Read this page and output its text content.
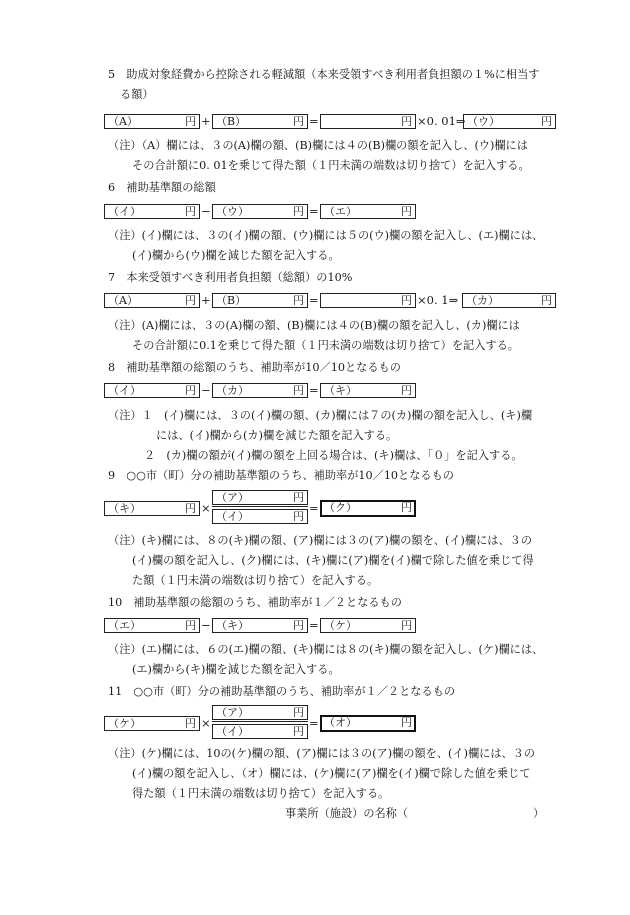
5　助成対象経費から控除される軽減額（本来受領すべき利用者負担額の１%に相当す
る額）
（A）	円 + （B）	円 =	円 ×0. 01⇒ （ウ）	円
（注）（A）欄には、３の(A)欄の額、(B)欄には４の(B)欄の額を記入し、(ウ)欄には
その合計額に0. 01を乗じて得た額（１円未満の端数は切り捨て）を記入する。
6　補助基準額の総額
（イ）	円 − （ウ）	円 = （エ）	円
（注）(イ)欄には、３の(イ)欄の額、(ウ)欄には５の(ウ)欄の額を記入し、(エ)欄には、
(イ)欄から(ウ)欄を減じた額を記入する。
7　本来受領すべき利用者負担額（総額）の10%
（A）	円 + （B）	円 =	円 ×0. 1⇒ （カ）	円
（注）(A)欄には、３の(A)欄の額、(B)欄には４の(B)欄の額を記入し、(カ)欄には
その合計額に0.1を乗じて得た額（１円未満の端数は切り捨て）を記入する。
8　補助基準額の総額のうち、補助率が10／10となるもの
（イ）	円 − （カ）	円 = （キ）	円
（注）１　(イ)欄には、３の(イ)欄の額、(カ)欄には７の(カ)欄の額を記入し、(キ)欄
には、(イ)欄から(カ)欄を減じた額を記入する。
２　(カ)欄の額が(イ)欄の額を上回る場合は、(キ)欄は、「０」を記入する。
9　○○市（町）分の補助基準額のうち、補助率が10／10となるもの
（キ）	円 ×
（ア）	円
（イ）	円
= （ク）	円
（注）(キ)欄には、８の(キ)欄の額、(ア)欄には３の(ア)欄の額を、(イ)欄には、３の
(イ)欄の額を記入し、(ク)欄には、(キ)欄に(ア)欄を(イ)欄で除した値を乗じて得
た額（１円未満の端数は切り捨て）を記入する。
10　補助基準額の総額のうち、補助率が１／２となるもの
（エ）	円 − （キ）	円 = （ケ）	円
（注）(エ)欄には、６の(エ)欄の額、(キ)欄には８の(キ)欄の額を記入し、(ケ)欄には、
(エ)欄から(キ)欄を減じた額を記入する。
11　○○市（町）分の補助基準額のうち、補助率が１／２となるもの
（ケ）	円 ×
（ア）	円
（イ）	円
= （オ）	円
（注）(ケ)欄には、10の(ケ)欄の額、(ア)欄には３の(ア)欄の額を、(イ)欄には、３の
(イ)欄の額を記入し、（オ）欄には、(ケ)欄に(ア)欄を(イ)欄で除した値を乗じて
得た額（１円未満の端数は切り捨て）を記入する。
事業所（施設）の名称（	）
